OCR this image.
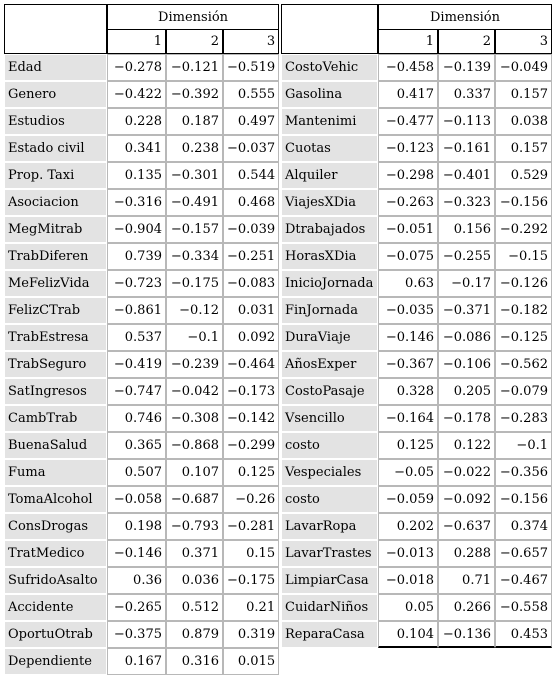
	Dimensión		
	1	2	3
Edad	−0.278	−0.121	−0.519
Genero	−0.422	−0.392	0.555
Estudios	0.228	0.187	0.497
Estado civil	0.341	0.238	−0.037
Prop. Taxi	0.135	−0.301	0.544
Asociacion	−0.316	−0.491	0.468
MegMitrab	−0.904	−0.157	−0.039
TrabDiferen	0.739	−0.334	−0.251
MeFelizVida	−0.723	−0.175	−0.083
FelizCTrab	−0.861	−0.12	0.031
TrabEstresa	0.537	−0.1	0.092
TrabSeguro	−0.419	−0.239	−0.464
SatIngresos	−0.747	−0.042	−0.173
CambTrab	0.746	−0.308	−0.142
BuenaSalud	0.365	−0.868	−0.299
Fuma	0.507	0.107	0.125
TomaAlcohol	−0.058	−0.687	−0.26
ConsDrogas	0.198	−0.793	−0.281
TratMedico	−0.146	0.371	0.15
SufridoAsalto	0.36	0.036	−0.175
Accidente	−0.265	0.512	0.21
OportuOtrab	−0.375	0.879	0.319
Dependiente	0.167	0.316	0.015
	Dimensión		
	1	2	3
CostoVehic	−0.458	−0.139	−0.049
Gasolina	0.417	0.337	0.157
Mantenimi	−0.477	−0.113	0.038
Cuotas	−0.123	−0.161	0.157
Alquiler	−0.298	−0.401	0.529
ViajesXDia	−0.263	−0.323	−0.156
Dtrabajados	−0.051	0.156	−0.292
HorasXDia	−0.075	−0.255	−0.15
InicioJornada	0.63	−0.17	−0.126
FinJornada	−0.035	−0.371	−0.182
DuraViaje	−0.146	−0.086	−0.125
AñosExper	−0.367	−0.106	−0.562
CostoPasaje	0.328	0.205	−0.079
Vsencillo	−0.164	−0.178	−0.283
costo	0.125	0.122	−0.1
Vespeciales	−0.05	−0.022	−0.356
costo	−0.059	−0.092	−0.156
LavarRopa	0.202	−0.637	0.374
LavarTrastes	−0.013	0.288	−0.657
LimpiarCasa	−0.018	0.71	−0.467
CuidarNiños	0.05	0.266	−0.558
ReparaCasa	0.104	−0.136	0.453
